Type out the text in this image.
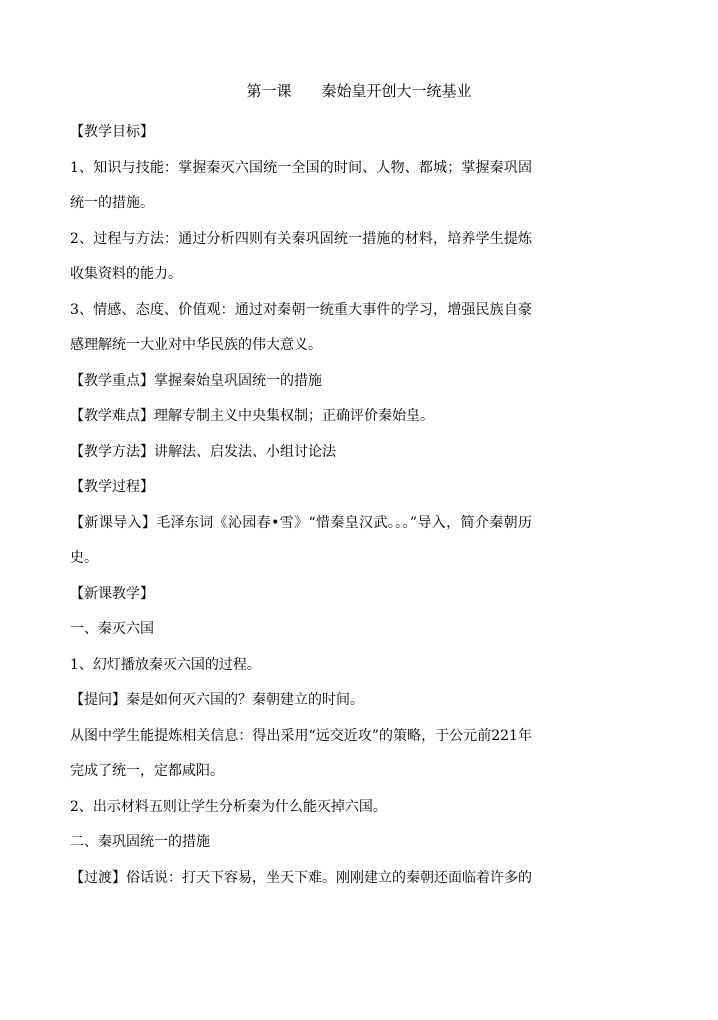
第一课 秦始皇开创大一统基业

【教学目标】

1、知识与技能：掌握秦灭六国统一全国的时间、人物、都城；掌握秦巩固统一的措施。

2、过程与方法：通过分析四则有关秦巩固统一措施的材料，培养学生提炼收集资料的能力。

3、情感、态度、价值观：通过对秦朝一统重大事件的学习，增强民族自豪感理解统一大业对中华民族的伟大意义。

【教学重点】掌握秦始皇巩固统一的措施

【教学难点】理解专制主义中央集权制；正确评价秦始皇。

【教学方法】讲解法、启发法、小组讨论法

【教学过程】

【新课导入】毛泽东词《沁园春•雪》“惜秦皇汉武。。。”导入，简介秦朝历史。

【新课教学】

一、秦灭六国

1、幻灯播放秦灭六国的过程。

【提问】秦是如何灭六国的？秦朝建立的时间。

从图中学生能提炼相关信息：得出采用“远交近攻”的策略，于公元前221年完成了统一，定都咸阳。

2、出示材料五则让学生分析秦为什么能灭掉六国。

二、秦巩固统一的措施

【过渡】俗话说：打天下容易，坐天下难。刚刚建立的秦朝还面临着许多的
